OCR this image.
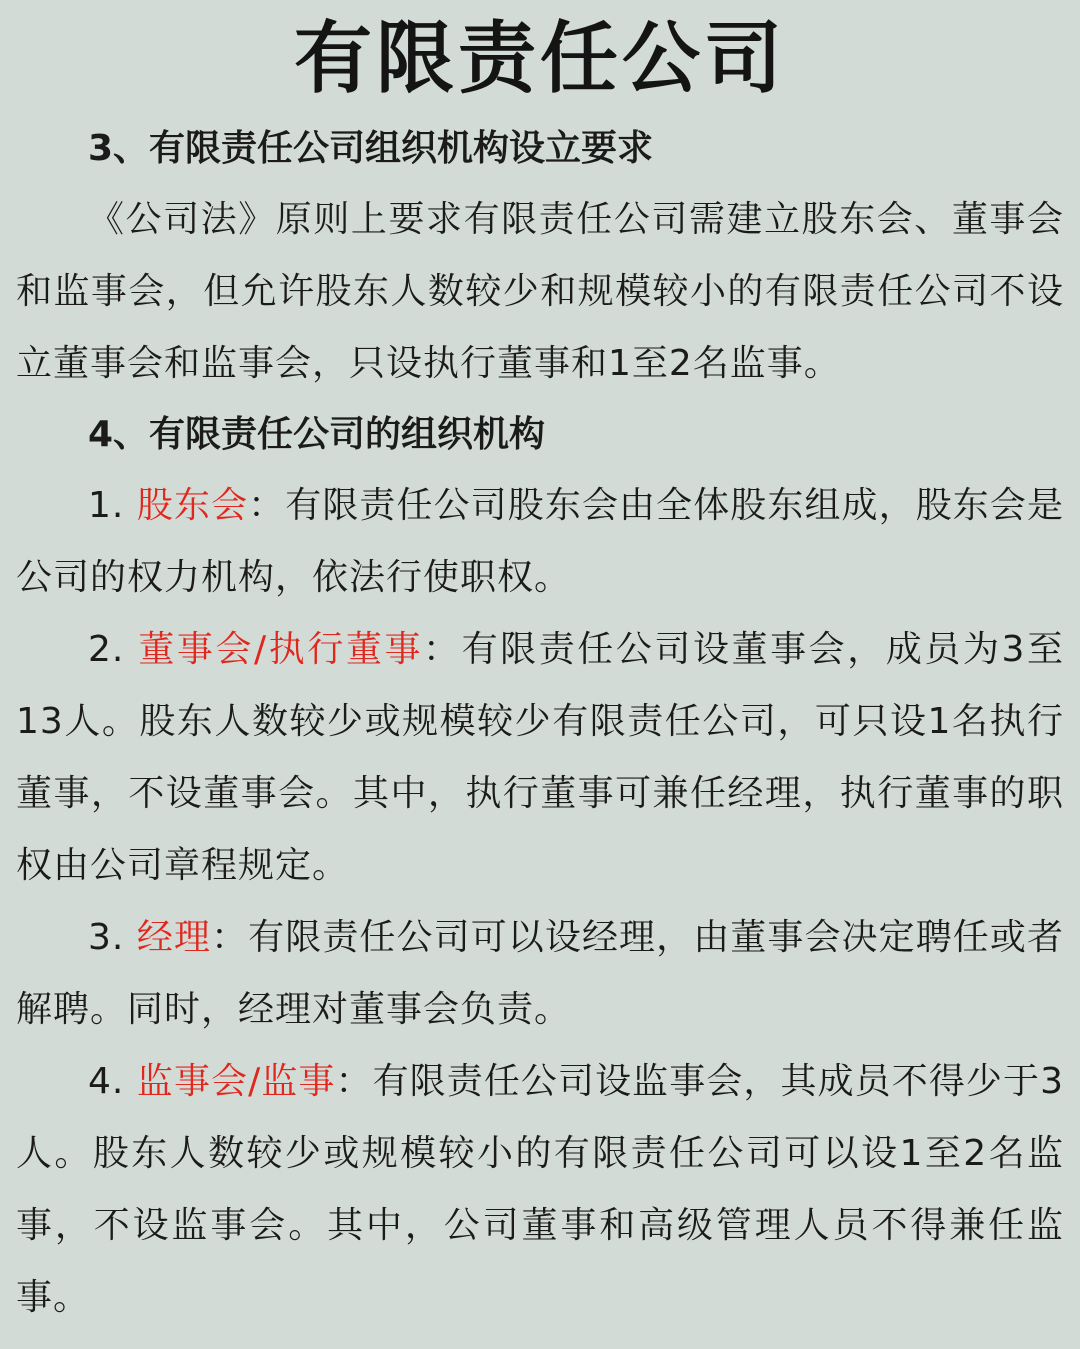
有限责任公司
3、有限责任公司组织机构设立要求

《公司法》原则上要求有限责任公司需建立股东会、董事会和监事会，但允许股东人数较少和规模较小的有限责任公司不设立董事会和监事会，只设执行董事和1至2名监事。

4、有限责任公司的组织机构

1. 股东会：有限责任公司股东会由全体股东组成，股东会是公司的权力机构，依法行使职权。

2. 董事会/执行董事：有限责任公司设董事会，成员为3至13人。股东人数较少或规模较少有限责任公司，可只设1名执行董事，不设董事会。其中，执行董事可兼任经理，执行董事的职权由公司章程规定。

3. 经理：有限责任公司可以设经理，由董事会决定聘任或者解聘。同时，经理对董事会负责。

4. 监事会/监事：有限责任公司设监事会，其成员不得少于3人。股东人数较少或规模较小的有限责任公司可以设1至2名监事，不设监事会。其中，公司董事和高级管理人员不得兼任监事。
